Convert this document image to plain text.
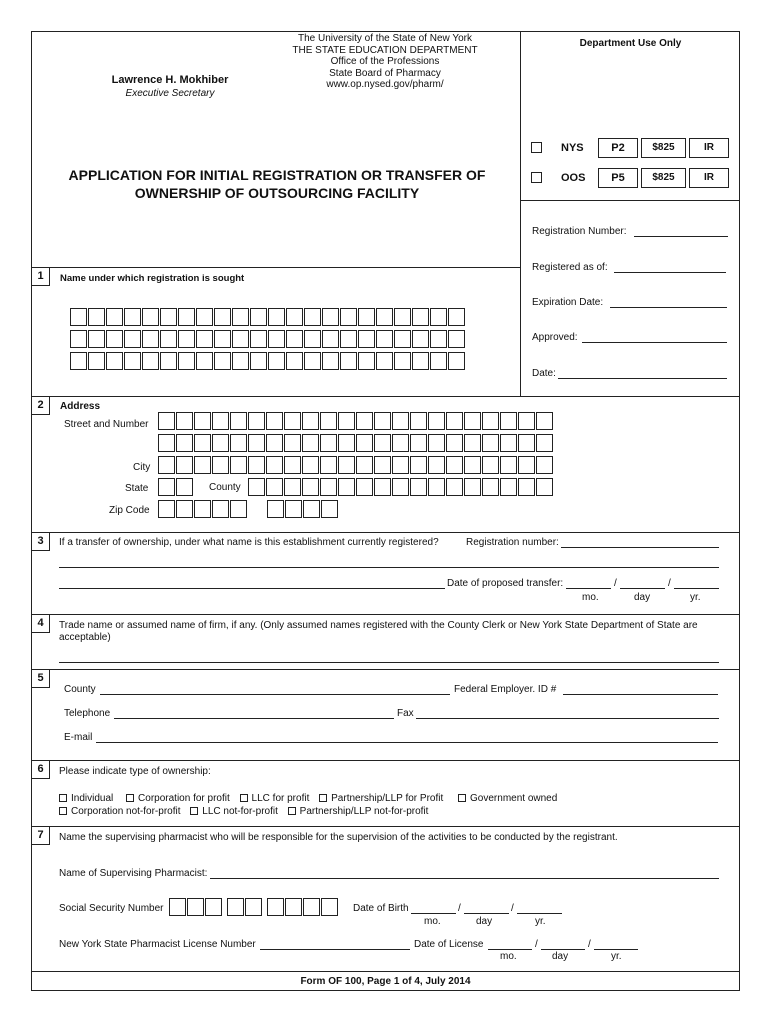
The University of the State of New York
THE STATE EDUCATION DEPARTMENT
Office of the Professions
State Board of Pharmacy
www.op.nysed.gov/pharm/
Lawrence H. Mokhiber
Executive Secretary
APPLICATION FOR INITIAL REGISTRATION OR TRANSFER OF
OWNERSHIP OF OUTSOURCING FACILITY
Department Use Only
NYS	P2	$825	IR
OOS	P5	$825	IR
Registration Number:
Registered as of:
Expiration Date:
Approved:
Date:
1	Name under which registration is sought
2	Address
Street and Number
City
State	County
Zip Code
3	If a transfer of ownership, under what name is this establishment currently registered?	Registration number:
Date of proposed transfer:	/	/
mo.	day	yr.
4	Trade name or assumed name of firm, if any. (Only assumed names registered with the County Clerk or New York State Department of State are acceptable)
5
County	Federal Employer. ID #
Telephone	Fax
E-mail
6	Please indicate type of ownership:
Individual Corporation for profit LLC for profit Partnership/LLP for Profit	Government owned
Corporation not-for-profit LLC not-for-profit Partnership/LLP not-for-profit
7	Name the supervising pharmacist who will be responsible for the supervision of the activities to be conducted by the registrant.
Name of Supervising Pharmacist:
Social Security Number	Date of Birth	/	/
mo.	day	yr.
New York State Pharmacist License Number	Date of License	/	/
mo.	day	yr.
Form OF 100, Page 1 of 4, July 2014
